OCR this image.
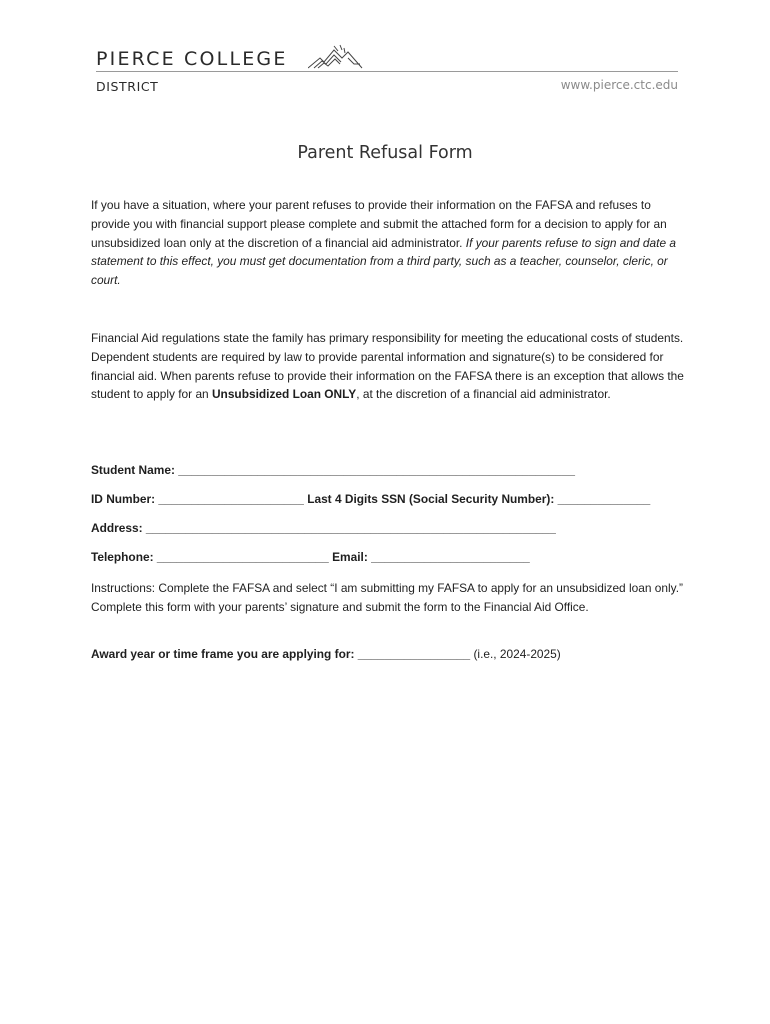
PIERCE COLLEGE
DISTRICT	www.pierce.ctc.edu
Parent Refusal Form
If you have a situation, where your parent refuses to provide their information on the FAFSA and refuses to provide you with financial support please complete and submit the attached form for a decision to apply for an unsubsidized loan only at the discretion of a financial aid administrator. If your parents refuse to sign and date a statement to this effect, you must get documentation from a third party, such as a teacher, counselor, cleric, or court.
Financial Aid regulations state the family has primary responsibility for meeting the educational costs of students. Dependent students are required by law to provide parental information and signature(s) to be considered for financial aid. When parents refuse to provide their information on the FAFSA there is an exception that allows the student to apply for an Unsubsidized Loan ONLY, at the discretion of a financial aid administrator.
Student Name: ____________________________________________________________
ID Number: ______________________ Last 4 Digits SSN (Social Security Number): ______________
Address: ______________________________________________________________
Telephone: __________________________ Email: ________________________
Instructions: Complete the FAFSA and select “I am submitting my FAFSA to apply for an unsubsidized loan only.” Complete this form with your parents’ signature and submit the form to the Financial Aid Office.
Award year or time frame you are applying for: _________________ (i.e., 2024-2025)
